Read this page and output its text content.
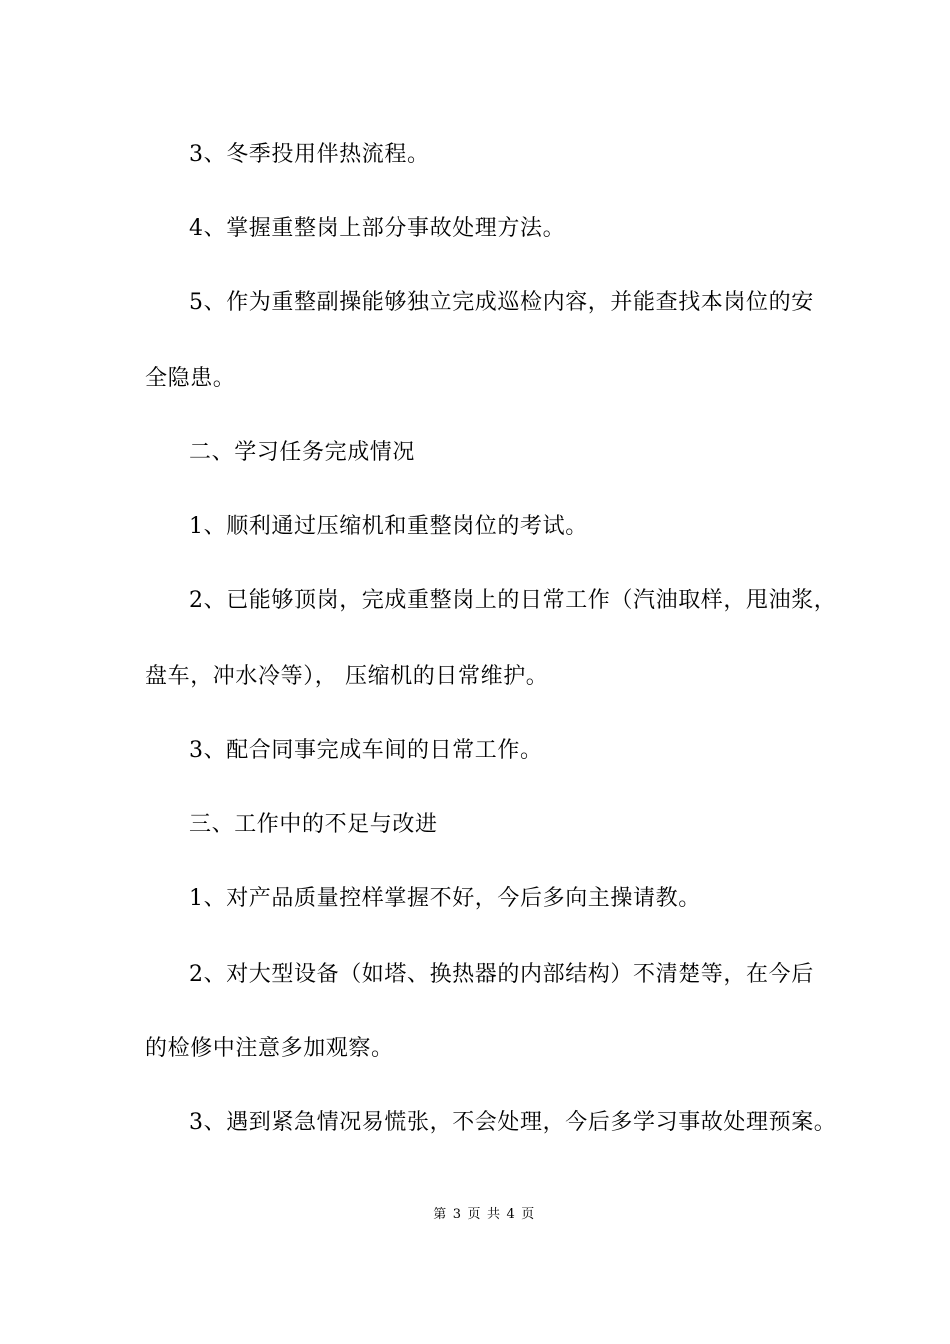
3、冬季投用伴热流程。
4、掌握重整岗上部分事故处理方法。
5、作为重整副操能够独立完成巡检内容，并能查找本岗位的安
全隐患。
二、学习任务完成情况
1、顺利通过压缩机和重整岗位的考试。
2、已能够顶岗，完成重整岗上的日常工作（汽油取样，甩油浆，
盘车，冲水冷等）， 压缩机的日常维护。
3、配合同事完成车间的日常工作。
三、工作中的不足与改进
1、对产品质量控样掌握不好，今后多向主操请教。
2、对大型设备（如塔、换热器的内部结构）不清楚等，在今后
的检修中注意多加观察。
3、遇到紧急情况易慌张，不会处理，今后多学习事故处理预案。
第 3 页 共 4 页
